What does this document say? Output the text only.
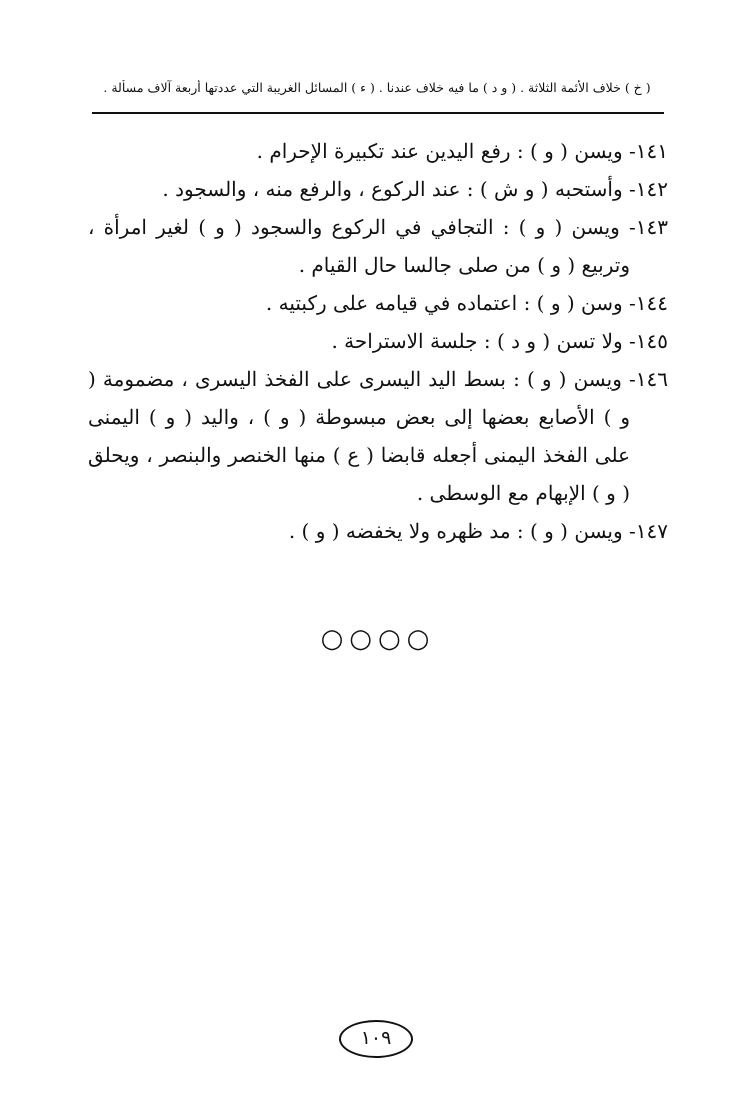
( خ ) خلاف الأئمة الثلاثة . ( و د ) ما فيه خلاف عندنا . ( ء ) المسائل الغريبة التي عددتها أربعة آلاف مسألة .

١٤١- ويسن ( و ) : رفع اليدين عند تكبيرة الإحرام .

١٤٢- وأستحبه ( و ش ) : عند الركوع ، والرفع منه ، والسجود .

١٤٣- ويسن ( و ) : التجافي في الركوع والسجود ( و ) لغير امرأة ، وتربيع ( و ) من صلى جالسا حال القيام .

١٤٤- وسن ( و ) : اعتماده في قيامه على ركبتيه .

١٤٥- ولا تسن ( و د ) : جلسة الاستراحة .

١٤٦- ويسن ( و ) : بسط اليد اليسرى على الفخذ اليسرى ، مضمومة ( و ) الأصابع بعضها إلى بعض مبسوطة ( و ) ، واليد ( و ) اليمنى على الفخذ اليمنى أجعله قابضا ( ع ) منها الخنصر والبنصر ، ويحلق ( و ) الإبهام مع الوسطى .

١٤٧- ويسن ( و ) : مد ظهره ولا يخفضه ( و ) .

○○○○
١٠٩
